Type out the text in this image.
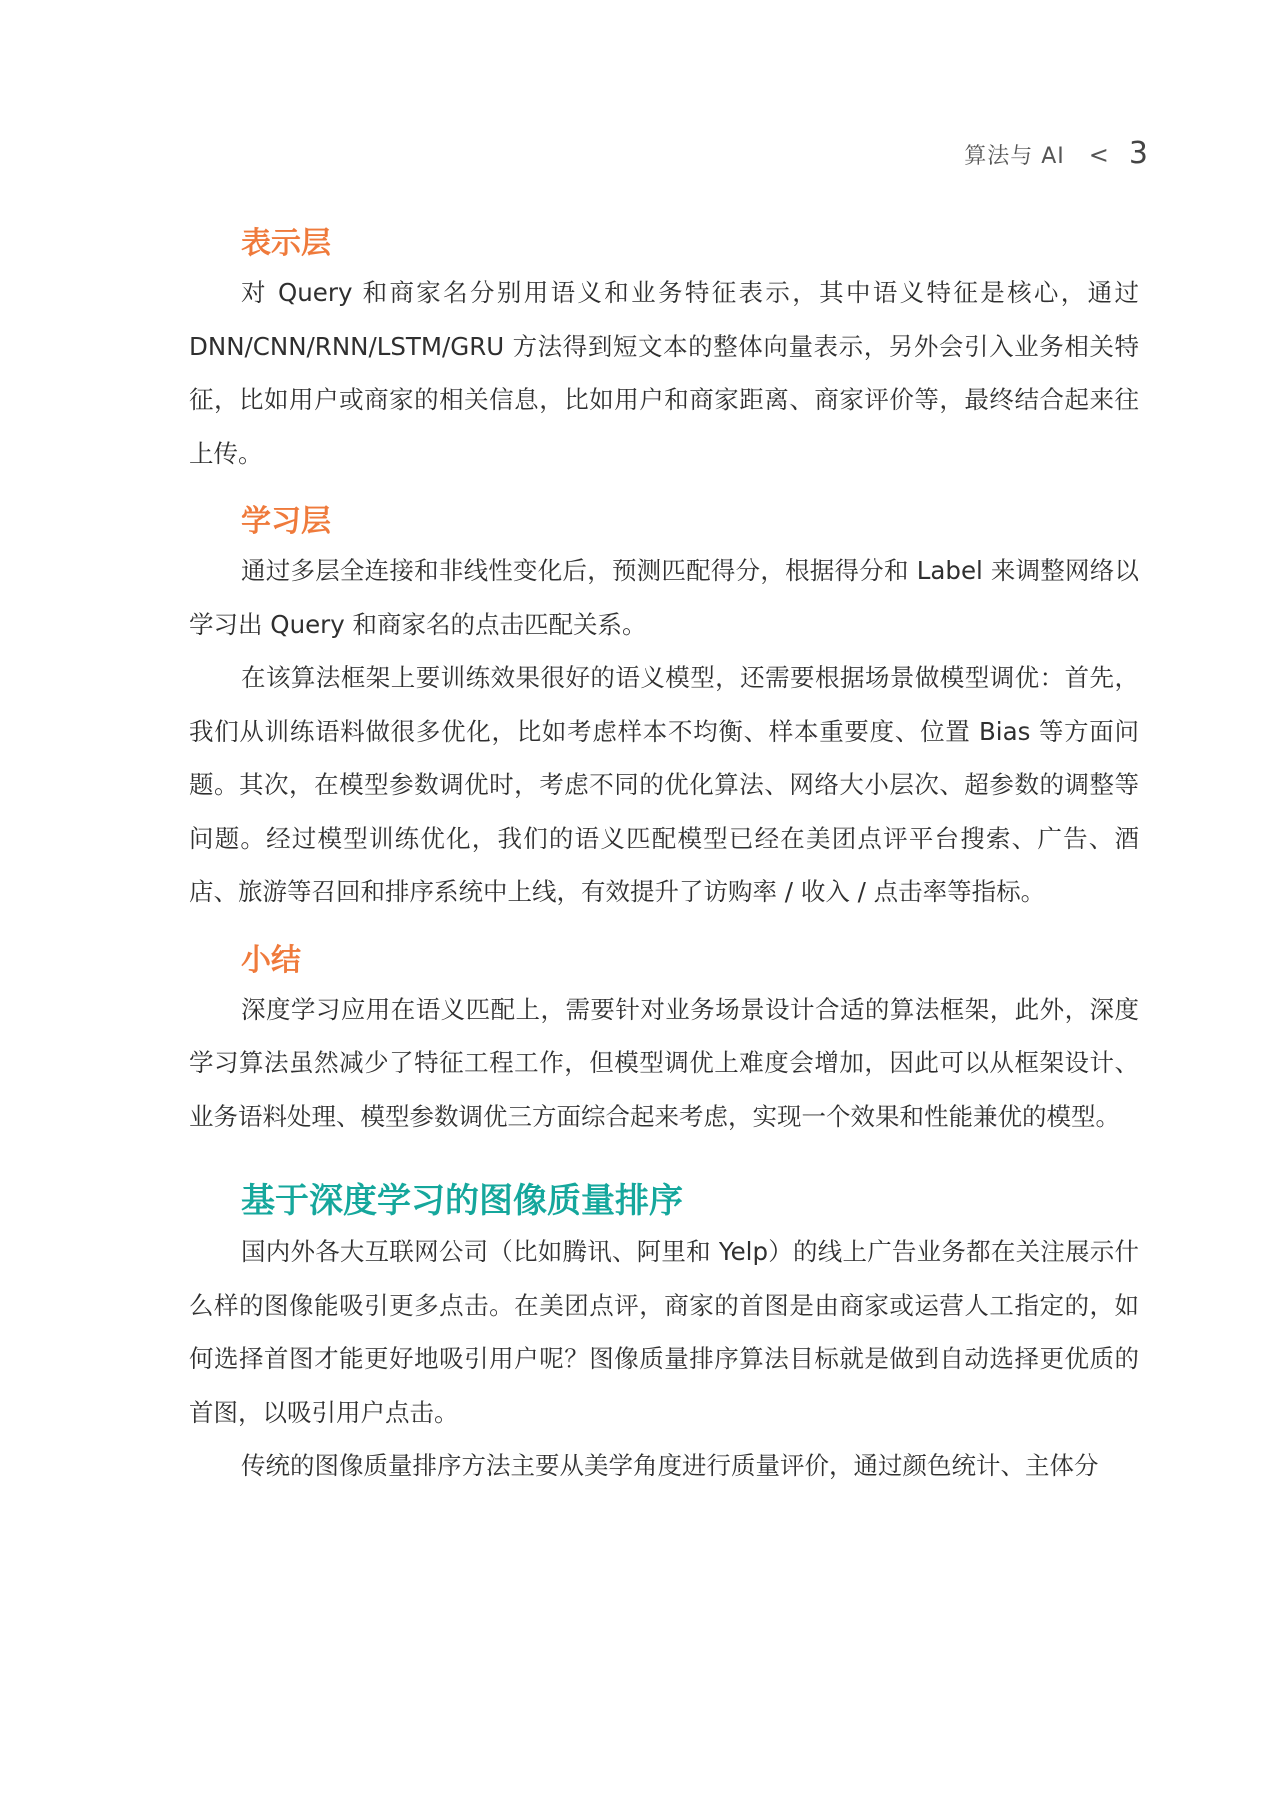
算法与 AI < 3
表示层

对 Query 和商家名分别用语义和业务特征表示，其中语义特征是核心，通过 DNN/CNN/RNN/LSTM/GRU 方法得到短文本的整体向量表示，另外会引入业务相关特征，比如用户或商家的相关信息，比如用户和商家距离、商家评价等，最终结合起来往上传。

学习层

通过多层全连接和非线性变化后，预测匹配得分，根据得分和 Label 来调整网络以学习出 Query 和商家名的点击匹配关系。

在该算法框架上要训练效果很好的语义模型，还需要根据场景做模型调优：首先，我们从训练语料做很多优化，比如考虑样本不均衡、样本重要度、位置 Bias 等方面问题。其次，在模型参数调优时，考虑不同的优化算法、网络大小层次、超参数的调整等问题。经过模型训练优化，我们的语义匹配模型已经在美团点评平台搜索、广告、酒店、旅游等召回和排序系统中上线，有效提升了访购率 / 收入 / 点击率等指标。

小结

深度学习应用在语义匹配上，需要针对业务场景设计合适的算法框架，此外，深度学习算法虽然减少了特征工程工作，但模型调优上难度会增加，因此可以从框架设计、业务语料处理、模型参数调优三方面综合起来考虑，实现一个效果和性能兼优的模型。

基于深度学习的图像质量排序

国内外各大互联网公司（比如腾讯、阿里和 Yelp）的线上广告业务都在关注展示什么样的图像能吸引更多点击。在美团点评，商家的首图是由商家或运营人工指定的，如何选择首图才能更好地吸引用户呢？图像质量排序算法目标就是做到自动选择更优质的首图，以吸引用户点击。

传统的图像质量排序方法主要从美学角度进行质量评价，通过颜色统计、主体分
